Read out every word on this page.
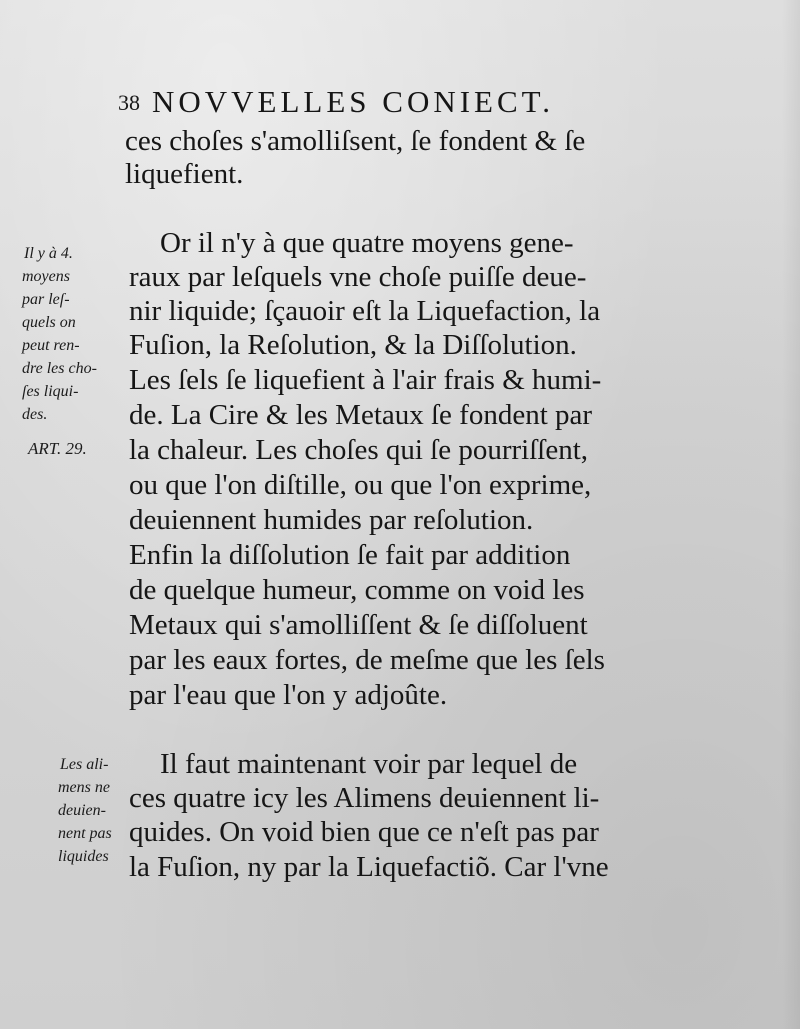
38 NOVVELLES CONIECT.
ces choſes s'amolliſsent, ſe fondent & ſe
liquefient.
Or il n'y à que quatre moyens gene-
raux par leſquels vne choſe puiſſe deue-
nir liquide; ſçauoir eſt la Liquefaction, la
Fuſion, la Reſolution, & la Diſſolution.
Les ſels ſe liquefient à l'air frais & humi-
de. La Cire & les Metaux ſe fondent par
la chaleur. Les choſes qui ſe pourriſſent,
ou que l'on diſtille, ou que l'on exprime,
deuiennent humides par reſolution.
Enfin la diſſolution ſe fait par addition
de quelque humeur, comme on void les
Metaux qui s'amolliſſent & ſe diſſoluent
par les eaux fortes, de meſme que les ſels
par l'eau que l'on y adjoûte.
Il faut maintenant voir par lequel de
ces quatre icy les Alimens deuiennent li-
quides. On void bien que ce n'eſt pas par
la Fuſion, ny par la Liquefactiõ. Car l'vne
Il y à 4.
moyens
par leſ-
quels on
peut ren-
dre les cho-
ſes liqui-
des.
ART. 29.
Les ali-
mens ne
deuien-
nent pas
liquides
